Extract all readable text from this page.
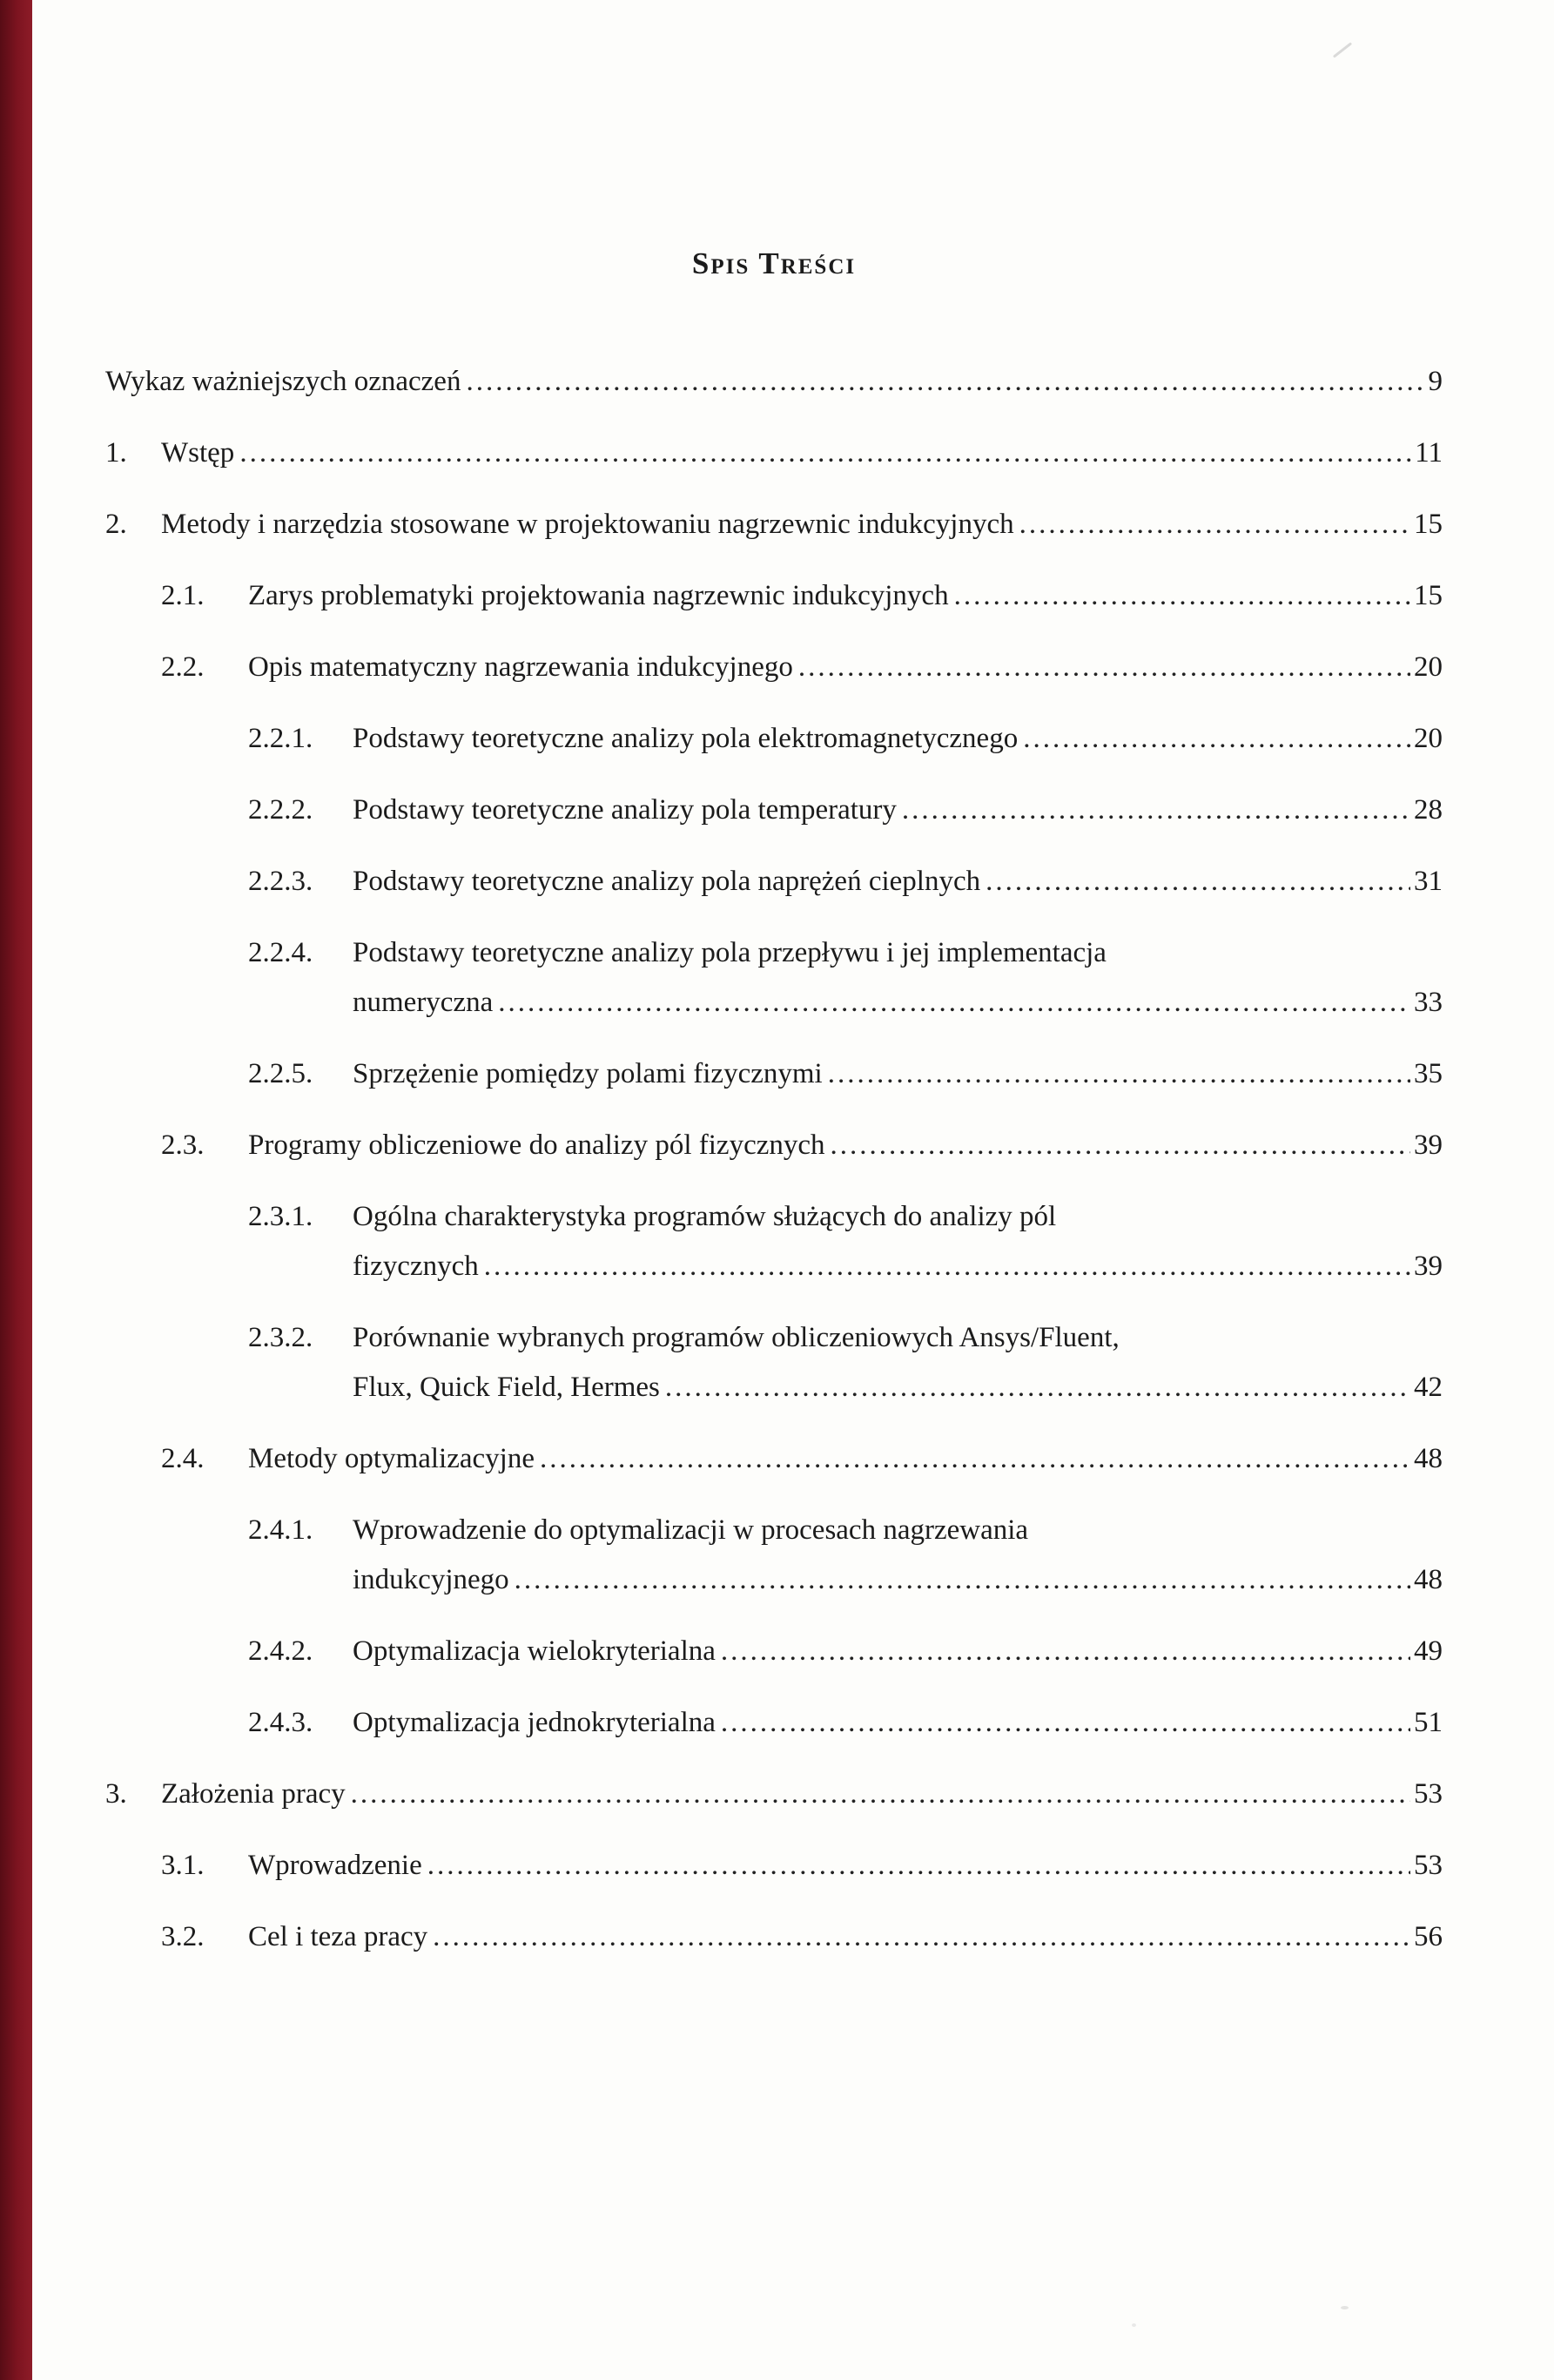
Spis Treści
Wykaz ważniejszych oznaczeń .....	9
1.	Wstęp .....	11
2.	Metody i narzędzia stosowane w projektowaniu nagrzewnic indukcyjnych .....	15
2.1.	Zarys problematyki projektowania nagrzewnic indukcyjnych .....	15
2.2.	Opis matematyczny nagrzewania indukcyjnego .....	20
2.2.1.	Podstawy teoretyczne analizy pola elektromagnetycznego .....	20
2.2.2.	Podstawy teoretyczne analizy pola temperatury .....	28
2.2.3.	Podstawy teoretyczne analizy pola naprężeń cieplnych .....	31
2.2.4.	Podstawy teoretyczne analizy pola przepływu i jej implementacja
numeryczna .....	33
2.2.5.	Sprzężenie pomiędzy polami fizycznymi .....	35
2.3.	Programy obliczeniowe do analizy pól fizycznych .....	39
2.3.1.	Ogólna charakterystyka programów służących do analizy pól
fizycznych .....	39
2.3.2.	Porównanie wybranych programów obliczeniowych Ansys/Fluent,
Flux, Quick Field, Hermes .....	42
2.4.	Metody optymalizacyjne .....	48
2.4.1.	Wprowadzenie do optymalizacji w procesach nagrzewania
indukcyjnego .....	48
2.4.2.	Optymalizacja wielokryterialna .....	49
2.4.3.	Optymalizacja jednokryterialna .....	51
3.	Założenia pracy .....	53
3.1.	Wprowadzenie .....	53
3.2.	Cel i teza pracy .....	56
